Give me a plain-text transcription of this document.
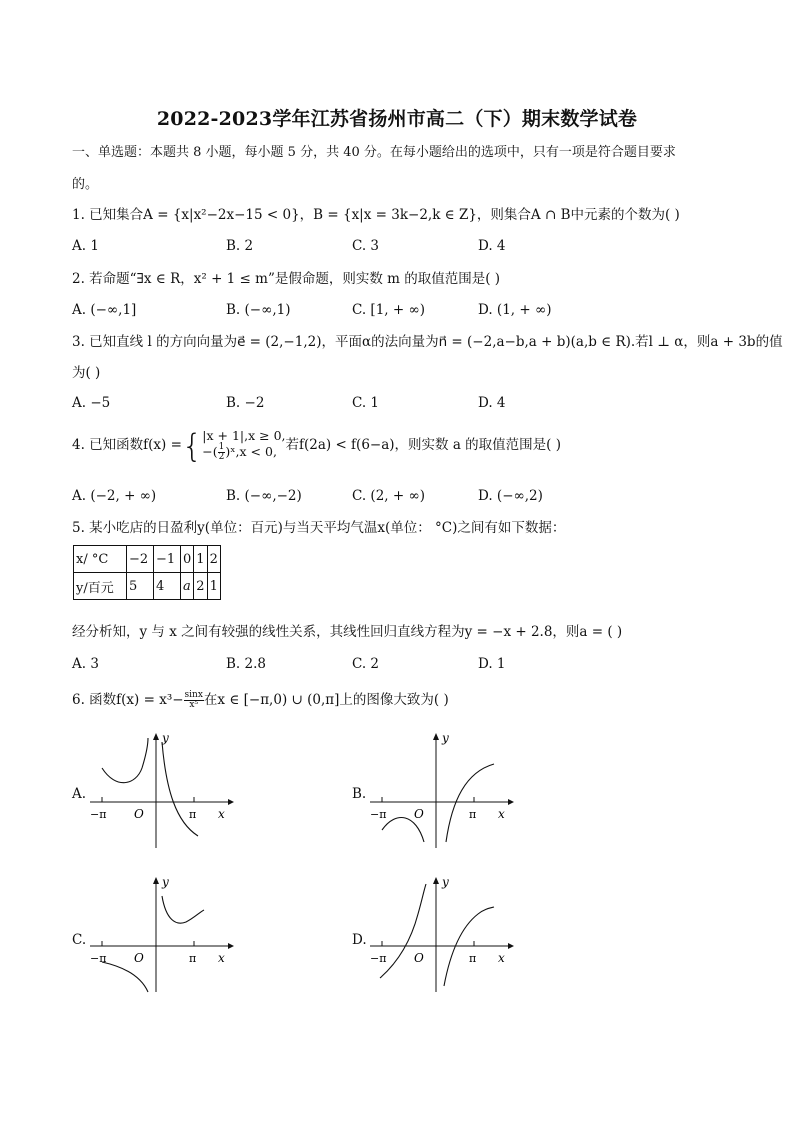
2022-2023学年江苏省扬州市高二（下）期末数学试卷
一、单选题：本题共 8 小题，每小题 5 分，共 40 分。在每小题给出的选项中，只有一项是符合题目要求
的。
1. 已知集合A = {x|x²−2x−15 < 0}，B = {x|x = 3k−2,k ∈ Z}，则集合A ∩ B中元素的个数为( )
A. 1	B. 2	C. 3	D. 4
2. 若命题“∃x ∈ R，x² + 1 ≤ m”是假命题，则实数 m 的取值范围是( )
A. (−∞,1]	B. (−∞,1)	C. [1, + ∞)	D. (1, + ∞)
3. 已知直线 l 的方向向量为e⃗ = (2,−1,2)，平面α的法向量为n⃗ = (−2,a−b,a + b)(a,b ∈ R).若l ⊥ α，则a + 3b的值
为( )
A. −5	B. −2	C. 1	D. 4
4. 已知函数f(x) ={ |x + 1|,x ≥ 0,
−( $\frac{1}{2}$ )ˣ,x < 0, 若f(2a) < f(6−a)，则实数 a 的取值范围是( )
A. (−2, + ∞)	B. (−∞,−2)	C. (2, + ∞)	D. (−∞,2)
5. 某小吃店的日盈利y(单位：百元)与当天平均气温x(单位： °C)之间有如下数据：
x/ °C	−2	−1	0	1	2
y/百元	5	4	a	2	1
经分析知，y 与 x 之间有较强的线性关系，其线性回归直线方程为y = −x + 2.8，则a = ( )
A. 3	B. 2.8	C. 2	D. 1
6. 函数$f(x) = x^3- \frac{\sin x}{\text{x⁵}}$ 在x ∈ [−π,0) ∪ (0,π]上的图像大致为( )
A.
y
x
O
−π	π
B.
y
x
O
−π	π
C.
y
x
O
−π	π
D.
y
x
O
−π	π
